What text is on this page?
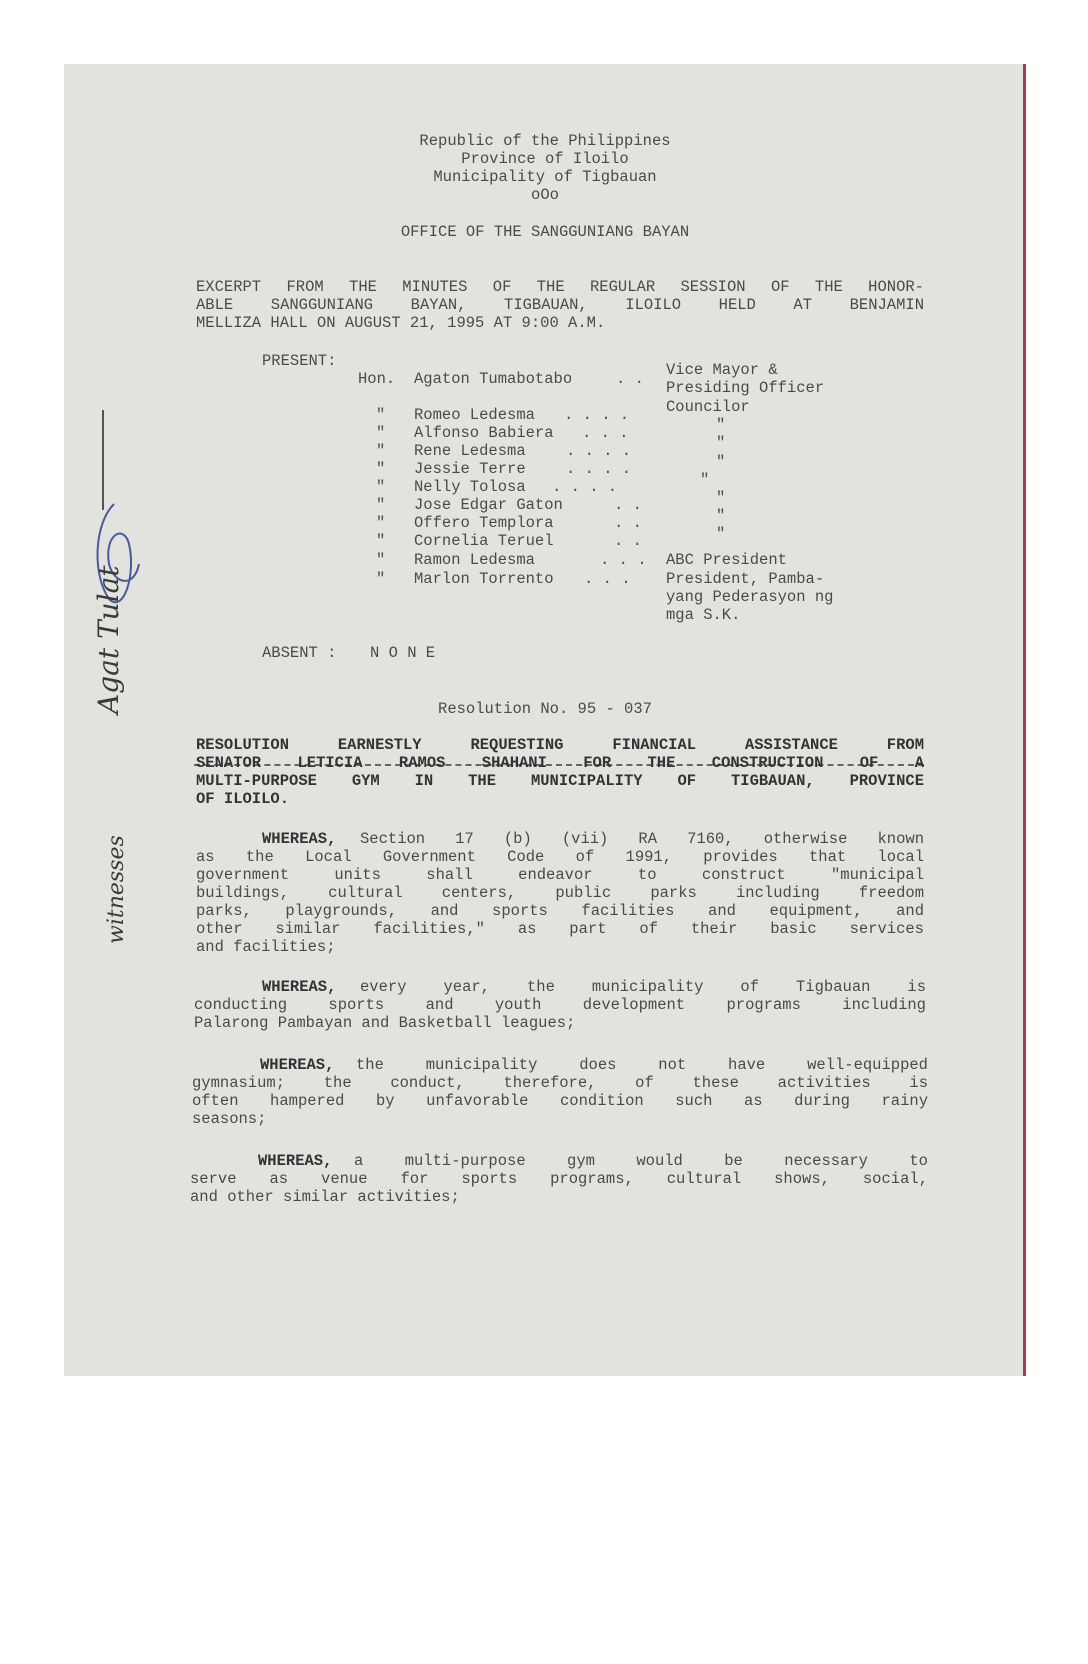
Agat Tulat
witnesses
Republic of the Philippines
Province of Iloilo
Municipality of Tigbauan
oOo
OFFICE OF THE SANGGUNIANG BAYAN
EXCERPT FROM THE MINUTES OF THE REGULAR SESSION OF THE HONOR-
ABLE SANGGUNIANG BAYAN, TIGBAUAN, ILOILO HELD AT BENJAMIN
MELLIZA HALL ON AUGUST 21, 1995 AT 9:00 A.M.
PRESENT:
Hon. Agaton Tumabotabo	. . Vice Mayor &
Presiding Officer
" Romeo Ledesma . . . . Councilor
" Alfonso Babiera . . .	"
" Rene Ledesma	. . . .	"
" Jessie Terre	. . . .	"
" Nelly Tolosa . . . .	"
" Jose Edgar Gaton	. .	"
" Offero Templora	. .	"
" Cornelia Teruel	. .	"
" Ramon Ledesma	. . . ABC President
" Marlon Torrento . . . President, Pamba-
yang Pederasyon ng
mga S.K.
ABSENT : N O N E
Resolution No. 95 - 037
RESOLUTION EARNESTLY REQUESTING FINANCIAL ASSISTANCE FROM
SENATOR LETICIA RAMOS SHAHANI FOR THE CONSTRUCTION OF A
MULTI-PURPOSE GYM IN THE MUNICIPALITY OF TIGBAUAN, PROVINCE
OF ILOILO.
WHEREAS, Section 17 (b) (vii) RA 7160, otherwise known
as the Local Government Code of 1991, provides that local
government units shall endeavor to construct "municipal
buildings, cultural centers, public parks including freedom
parks, playgrounds, and sports facilities and equipment, and
other similar facilities," as part of their basic services
and facilities;
WHEREAS, every year, the municipality of Tigbauan is
conducting sports and youth development programs including
Palarong Pambayan and Basketball leagues;
WHEREAS, the municipality does not have well-equipped
gymnasium; the conduct, therefore, of these activities is
often hampered by unfavorable condition such as during rainy
seasons;
WHEREAS, a multi-purpose gym would be necessary to
serve as venue for sports programs, cultural shows, social,
and other similar activities;
